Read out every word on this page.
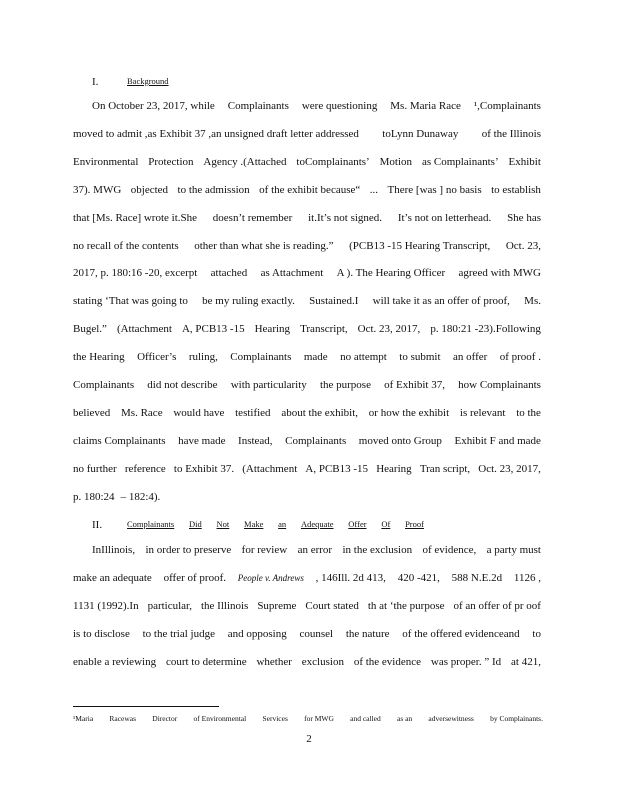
I.	Background
On October 23, 2017, while Complainants were questioning Ms. Maria Race ¹,Complainants
moved to admit ,as Exhibit 37 ,an unsigned draft letter addressed toLynn Dunaway of the Illinois
Environmental Protection Agency .(Attached toComplainants’ Motion as Complainants’ Exhibit
37). MWG objected to the admission of the exhibit because“ ... There [was ] no basis to establish
that [Ms. Race] wrote it.She doesn’t remember it.It’s not signed. It’s not on letterhead. She has
no recall of the contents other than what she is reading.” (PCB13 -15 Hearing Transcript, Oct. 23,
2017, p. 180:16 -20, excerpt attached as Attachment A ). The Hearing Officer agreed with MWG
stating ‘That was going to be my ruling exactly. Sustained.I will take it as an offer of proof, Ms.
Bugel.” (Attachment A, PCB13 -15 Hearing Transcript, Oct. 23, 2017, p. 180:21 -23).Following
the Hearing Officer’s ruling, Complainants made no attempt to submit an offer of proof .
Complainants did not describe with particularity the purpose of Exhibit 37, how Complainants
believed Ms. Race would have testified about the exhibit, or how the exhibit is relevant to the
claims Complainants have made Instead, Complainants moved onto Group Exhibit F and made
no further reference to Exhibit 37. (Attachment A, PCB13 -15 Hearing Tran script, Oct. 23, 2017,
p. 180:24 – 182:4).
II.	Complainants Did Not Make an Adequate Offer Of Proof
InIllinois, in order to preserve for review an error in the exclusion of evidence, a party must
make an adequate offer of proof. People v. Andrews , 146Ill. 2d 413, 420 -421, 588 N.E.2d 1126 ,
1131 (1992).In particular, the Illinois Supreme Court stated th at ‘the purpose of an offer of pr oof
is to disclose to the trial judge and opposing counsel the nature of the offered evidenceand to
enable a reviewing court to determine whether exclusion of the evidence was proper. ” Id at 421,
¹Maria Racewas Director of Environmental Services for MWG and called as an adversewitness by Complainants.
2
